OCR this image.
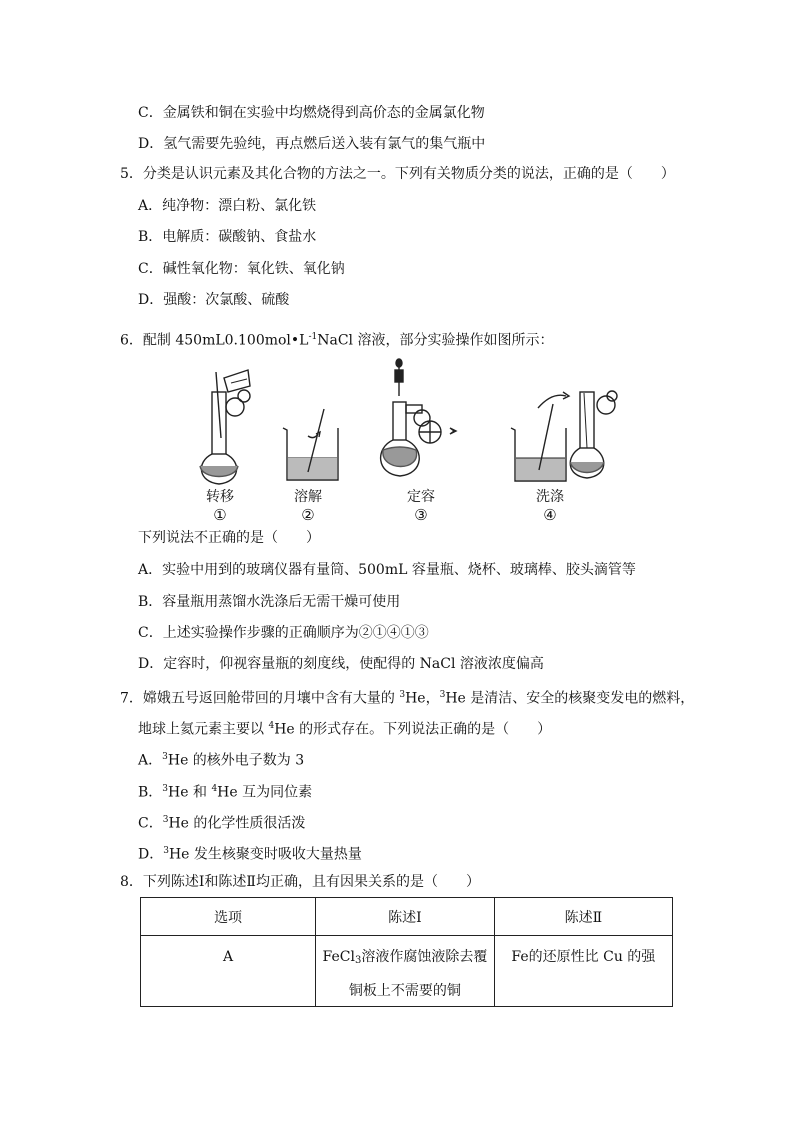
C．金属铁和铜在实验中均燃烧得到高价态的金属氯化物
D．氢气需要先验纯，再点燃后送入装有氯气的集气瓶中
5．分类是认识元素及其化合物的方法之一。下列有关物质分类的说法，正确的是（　　）
A．纯净物：漂白粉、氯化铁
B．电解质：碳酸钠、食盐水
C．碱性氧化物：氧化铁、氧化钠
D．强酸：次氯酸、硫酸
6．配制 $450mL0.100mol•L^{-1}NaCl$ 溶液，部分实验操作如图所示：
转移	溶解	定容	洗涤
①	②	③	④
下列说法不正确的是（　　）
A．实验中用到的玻璃仪器有量筒、500mL 容量瓶、烧杯、玻璃棒、胶头滴管等
B．容量瓶用蒸馏水洗涤后无需干燥可使用
C．上述实验操作步骤的正确顺序为②①④①③
D．定容时，仰视容量瓶的刻度线，使配得的 NaCl 溶液浓度偏高
7．嫦娥五号返回舱带回的月壤中含有大量的 $^3$He，$^3$He 是清洁、安全的核聚变发电的燃料，
地球上氦元素主要以 $^4$He 的形式存在。下列说法正确的是（　　）
A．$^3$He 的核外电子数为 3
B．$^3$He 和 $^4$He 互为同位素
C．$^3$He 的化学性质很活泼
D．$^3$He 发生核聚变时吸收大量热量
8．下列陈述Ⅰ和陈述Ⅱ均正确，且有因果关系的是（　　）
选项	陈述Ⅰ	陈述Ⅱ
A	FeCl$_3$溶液作腐蚀液除去覆铜板上不需要的铜	Fe的还原性比 Cu 的强
